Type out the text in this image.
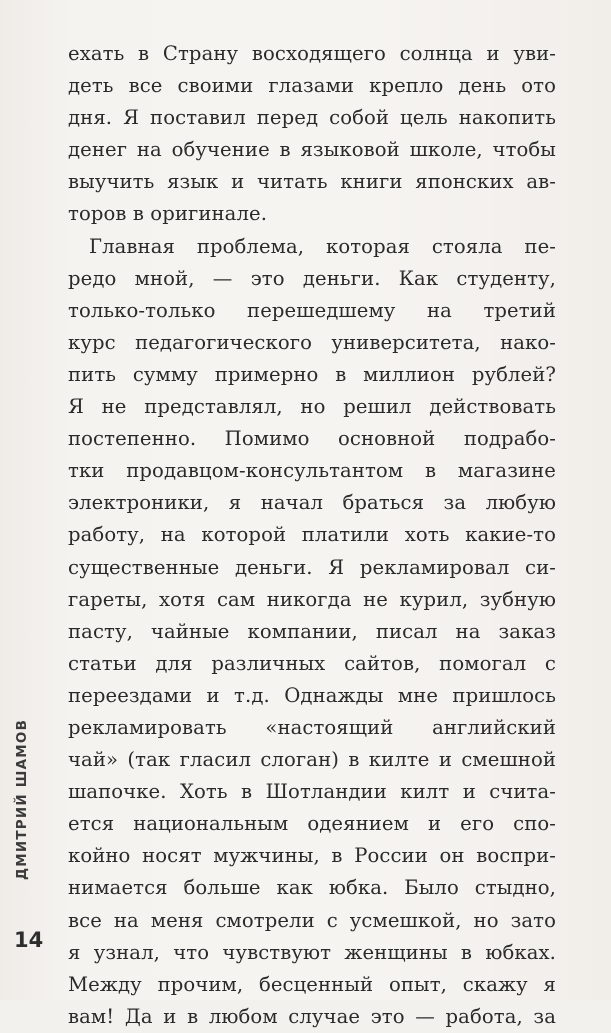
ехать в Страну восходящего солнца и уви-
деть все своими глазами крепло день ото
дня. Я поставил перед собой цель накопить
денег на обучение в языковой школе, чтобы
выучить язык и читать книги японских ав-
торов в оригинале.
Главная проблема, которая стояла пе-
редо мной, — это деньги. Как студенту,
только-только перешедшему на третий
курс педагогического университета, нако-
пить сумму примерно в миллион рублей?
Я не представлял, но решил действовать
постепенно. Помимо основной подрабо-
тки продавцом-консультантом в магазине
электроники, я начал браться за любую
работу, на которой платили хоть какие-то
существенные деньги. Я рекламировал си-
гареты, хотя сам никогда не курил, зубную
пасту, чайные компании, писал на заказ
статьи для различных сайтов, помогал с
переездами и т.д. Однажды мне пришлось
рекламировать «настоящий английский
чай» (так гласил слоган) в килте и смешной
шапочке. Хоть в Шотландии килт и счита-
ется национальным одеянием и его спо-
койно носят мужчины, в России он воспри-
нимается больше как юбка. Было стыдно,
все на меня смотрели с усмешкой, но зато
я узнал, что чувствуют женщины в юбках.
Между прочим, бесценный опыт, скажу я
вам! Да и в любом случае это — работа, за
ДМИТРИЙ ШАМОВ
14
